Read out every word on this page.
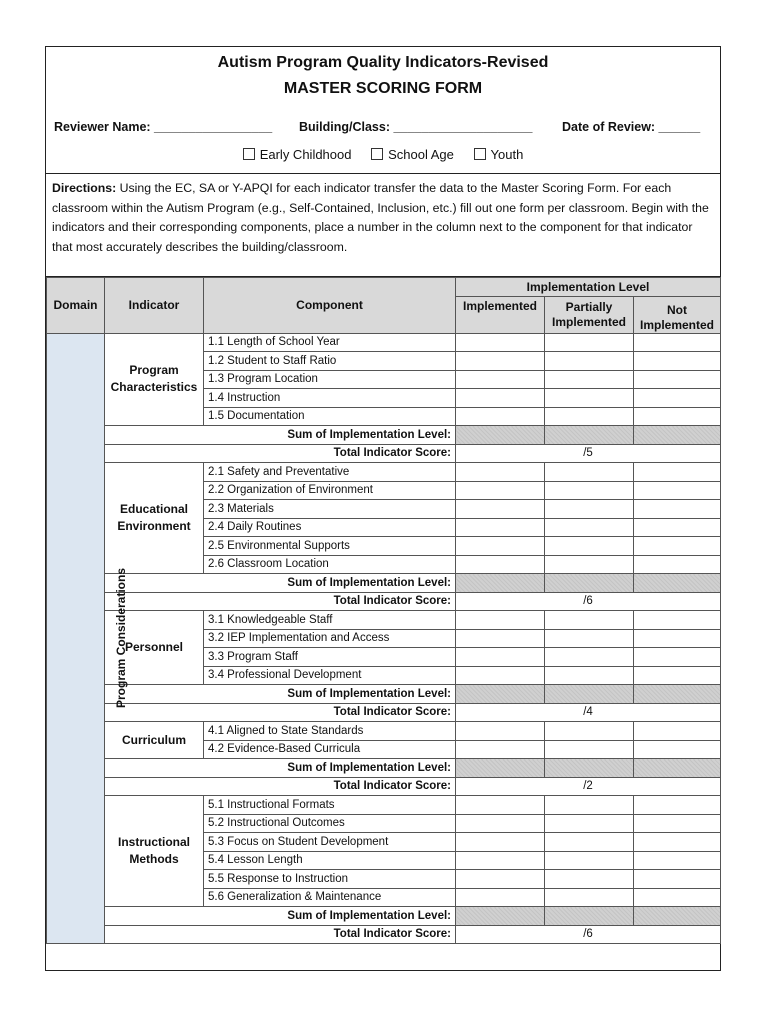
Autism Program Quality Indicators-Revised
MASTER SCORING FORM
Reviewer Name: _________________ Building/Class: ____________________ Date of Review: ______
Early Childhood	School Age	Youth
Directions: Using the EC, SA or Y-APQI for each indicator transfer the data to the Master Scoring Form. For each classroom within the Autism Program (e.g., Self-Contained, Inclusion, etc.) fill out one form per classroom. Begin with the indicators and their corresponding components, place a number in the column next to the component for that indicator that most accurately describes the building/classroom.
Domain	Indicator	Component	Implementation Level		
			Implemented	Partially Implemented	Not Implemented
Program Considerations	Program Characteristics	1.1 Length of School Year			
		1.2 Student to Staff Ratio			
		1.3 Program Location			
		1.4 Instruction			
		1.5 Documentation			
	Sum of Implementation Level:				
	Total Indicator Score:		/5		
	Educational Environment	2.1 Safety and Preventative			
		2.2 Organization of Environment			
		2.3 Materials			
		2.4 Daily Routines			
		2.5 Environmental Supports			
		2.6 Classroom Location			
	Sum of Implementation Level:				
	Total Indicator Score:		/6		
	Personnel	3.1 Knowledgeable Staff			
		3.2 IEP Implementation and Access			
		3.3 Program Staff			
		3.4 Professional Development			
	Sum of Implementation Level:				
	Total Indicator Score:		/4		
	Curriculum	4.1 Aligned to State Standards			
		4.2 Evidence-Based Curricula			
	Sum of Implementation Level:				
	Total Indicator Score:		/2		
	Instructional Methods	5.1 Instructional Formats			
		5.2 Instructional Outcomes			
		5.3 Focus on Student Development			
		5.4 Lesson Length			
		5.5 Response to Instruction			
		5.6 Generalization & Maintenance			
	Sum of Implementation Level:				
	Total Indicator Score:		/6		
